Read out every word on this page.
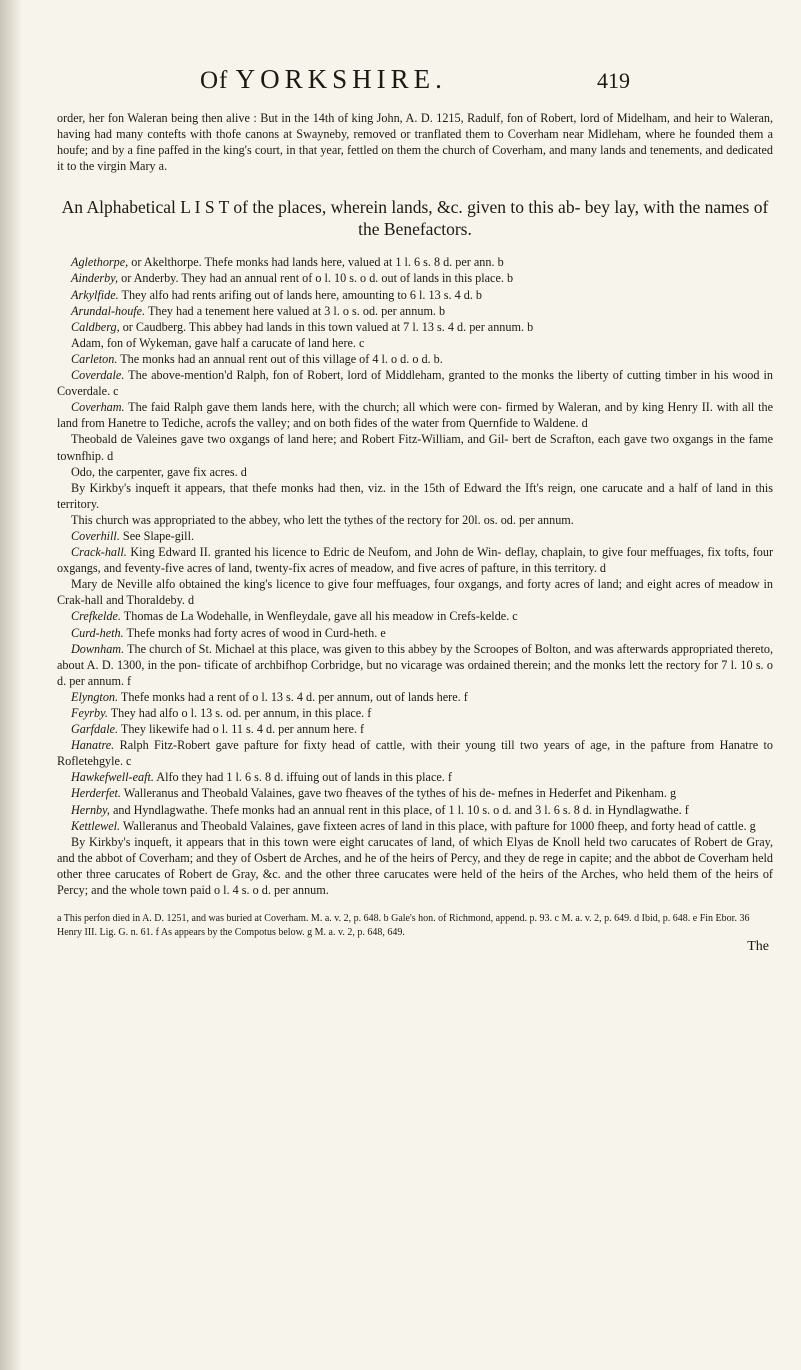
Of YORKSHIRE.	419

order, her fon Waleran being then alive : But in the 14th of king John, A. D. 1215, Radulf, fon of Robert, lord of Midelham, and heir to Waleran, having had many contefts with thofe canons at Swayneby, removed or tranflated them to Coverham near Midleham, where he founded them a houfe; and by a fine paffed in the king's court, in that year, fettled on them the church of Coverham, and many lands and tenements, and dedicated it to the virgin Mary a.

An Alphabetical L I S T of the places, wherein lands, &c. given to this ab- bey lay, with the names of the Benefactors.

Aglethorpe, or Akelthorpe. Thefe monks had lands here, valued at 1 l. 6 s. 8 d. per ann. b

Ainderby, or Anderby. They had an annual rent of o l. 10 s. o d. out of lands in this place. b

Arkylfide. They alfo had rents arifing out of lands here, amounting to 6 l. 13 s. 4 d. b

Arundal-houfe. They had a tenement here valued at 3 l. o s. od. per annum. b

Caldberg, or Caudberg. This abbey had lands in this town valued at 7 l. 13 s. 4 d. per annum. b

Adam, fon of Wykeman, gave half a carucate of land here. c

Carleton. The monks had an annual rent out of this village of 4 l. o d. o d. b.

Coverdale. The above-mention'd Ralph, fon of Robert, lord of Middleham, granted to the monks the liberty of cutting timber in his wood in Coverdale. c

Coverham. The faid Ralph gave them lands here, with the church; all which were con- firmed by Waleran, and by king Henry II. with all the land from Hanetre to Tediche, acrofs the valley; and on both fides of the water from Quernfide to Waldene. d

Theobald de Valeines gave two oxgangs of land here; and Robert Fitz-William, and Gil- bert de Scrafton, each gave two oxgangs in the fame townfhip. d

Odo, the carpenter, gave fix acres. d

By Kirkby's inqueft it appears, that thefe monks had then, viz. in the 15th of Edward the Ift's reign, one carucate and a half of land in this territory.

This church was appropriated to the abbey, who lett the tythes of the rectory for 20l. os. od. per annum.

Coverhill. See Slape-gill.

Crack-hall. King Edward II. granted his licence to Edric de Neufom, and John de Win- deflay, chaplain, to give four meffuages, fix tofts, four oxgangs, and feventy-five acres of land, twenty-fix acres of meadow, and five acres of pafture, in this territory. d

Mary de Neville alfo obtained the king's licence to give four meffuages, four oxgangs, and forty acres of land; and eight acres of meadow in Crak-hall and Thoraldeby. d

Crefkelde. Thomas de La Wodehalle, in Wenfleydale, gave all his meadow in Crefs-kelde. c

Curd-heth. Thefe monks had forty acres of wood in Curd-heth. e

Downham. The church of St. Michael at this place, was given to this abbey by the Scroopes of Bolton, and was afterwards appropriated thereto, about A. D. 1300, in the pon- tificate of archbifhop Corbridge, but no vicarage was ordained therein; and the monks lett the rectory for 7 l. 10 s. o d. per annum. f

Elyngton. Thefe monks had a rent of o l. 13 s. 4 d. per annum, out of lands here. f

Feyrby. They had alfo o l. 13 s. od. per annum, in this place. f

Garfdale. They likewife had o l. 11 s. 4 d. per annum here. f

Hanatre. Ralph Fitz-Robert gave pafture for fixty head of cattle, with their young till two years of age, in the pafture from Hanatre to Rofletehgyle. c

Hawkefwell-eaft. Alfo they had 1 l. 6 s. 8 d. iffuing out of lands in this place. f

Herderfet. Walleranus and Theobald Valaines, gave two fheaves of the tythes of his de- mefnes in Hederfet and Pikenham. g

Hernby, and Hyndlagwathe. Thefe monks had an annual rent in this place, of 1 l. 10 s. o d. and 3 l. 6 s. 8 d. in Hyndlagwathe. f

Kettlewel. Walleranus and Theobald Valaines, gave fixteen acres of land in this place, with pafture for 1000 fheep, and forty head of cattle. g

By Kirkby's inqueft, it appears that in this town were eight carucates of land, of which Elyas de Knoll held two carucates of Robert de Gray, and the abbot of Coverham; and they of Osbert de Arches, and he of the heirs of Percy, and they de rege in capite; and the abbot de Coverham held other three carucates of Robert de Gray, &c. and the other three carucates were held of the heirs of the Arches, who held them of the heirs of Percy; and the whole town paid o l. 4 s. o d. per annum.

a This perfon died in A. D. 1251, and was buried at Coverham. M. a. v. 2, p. 648. b Gale's hon. of Richmond, append. p. 93. c M. a. v. 2, p. 649. d Ibid, p. 648. e Fin Ebor. 36 Henry III. Lig. G. n. 61. f As appears by the Compotus below. g M. a. v. 2, p. 648, 649.
The
